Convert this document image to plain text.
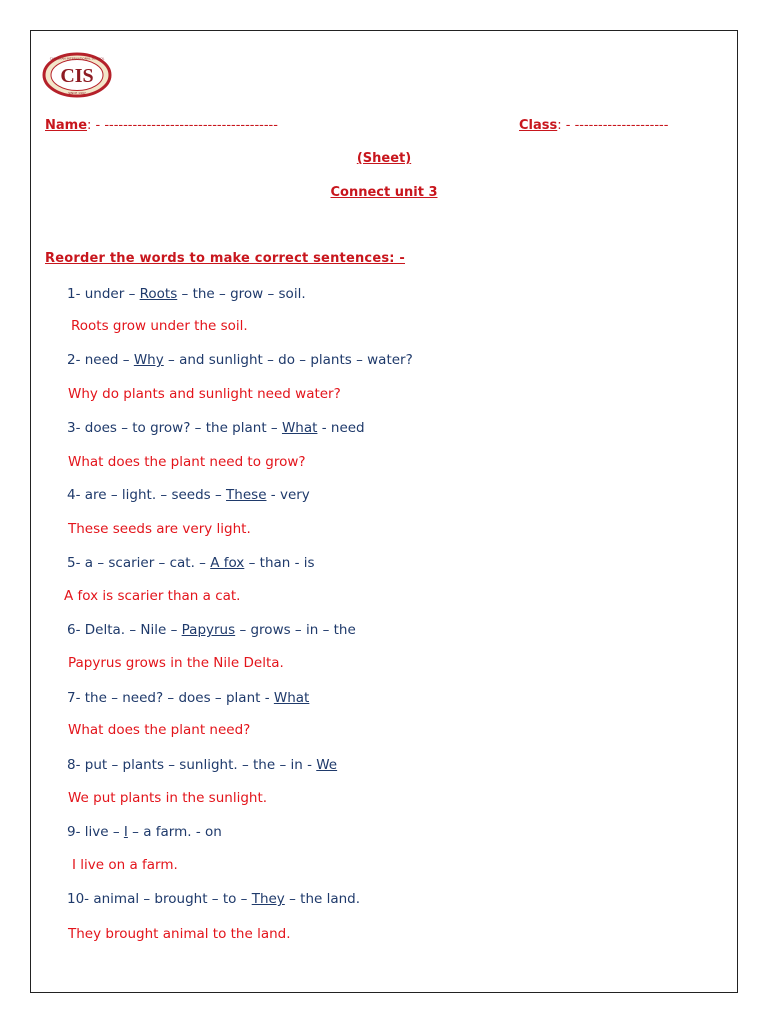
CIS
CANADIAN INTERNATIONAL SCHOOL
SINCE 1997
Name: - -------------------------------------	Class: - --------------------
(Sheet)
Connect unit 3
Reorder the words to make correct sentences: -
1- under – Roots – the – grow – soil.
Roots grow under the soil.
2- need – Why – and sunlight – do – plants – water?
Why do plants and sunlight need water?
3- does – to grow? – the plant – What - need
What does the plant need to grow?
4- are – light. – seeds – These - very
These seeds are very light.
5- a – scarier – cat. – A fox – than - is
A fox is scarier than a cat.
6- Delta. – Nile – Papyrus – grows – in – the
Papyrus grows in the Nile Delta.
7- the – need? – does – plant - What
What does the plant need?
8- put – plants – sunlight. – the – in - We
We put plants in the sunlight.
9- live – I – a farm. - on
I live on a farm.
10- animal – brought – to – They – the land.
They brought animal to the land.
